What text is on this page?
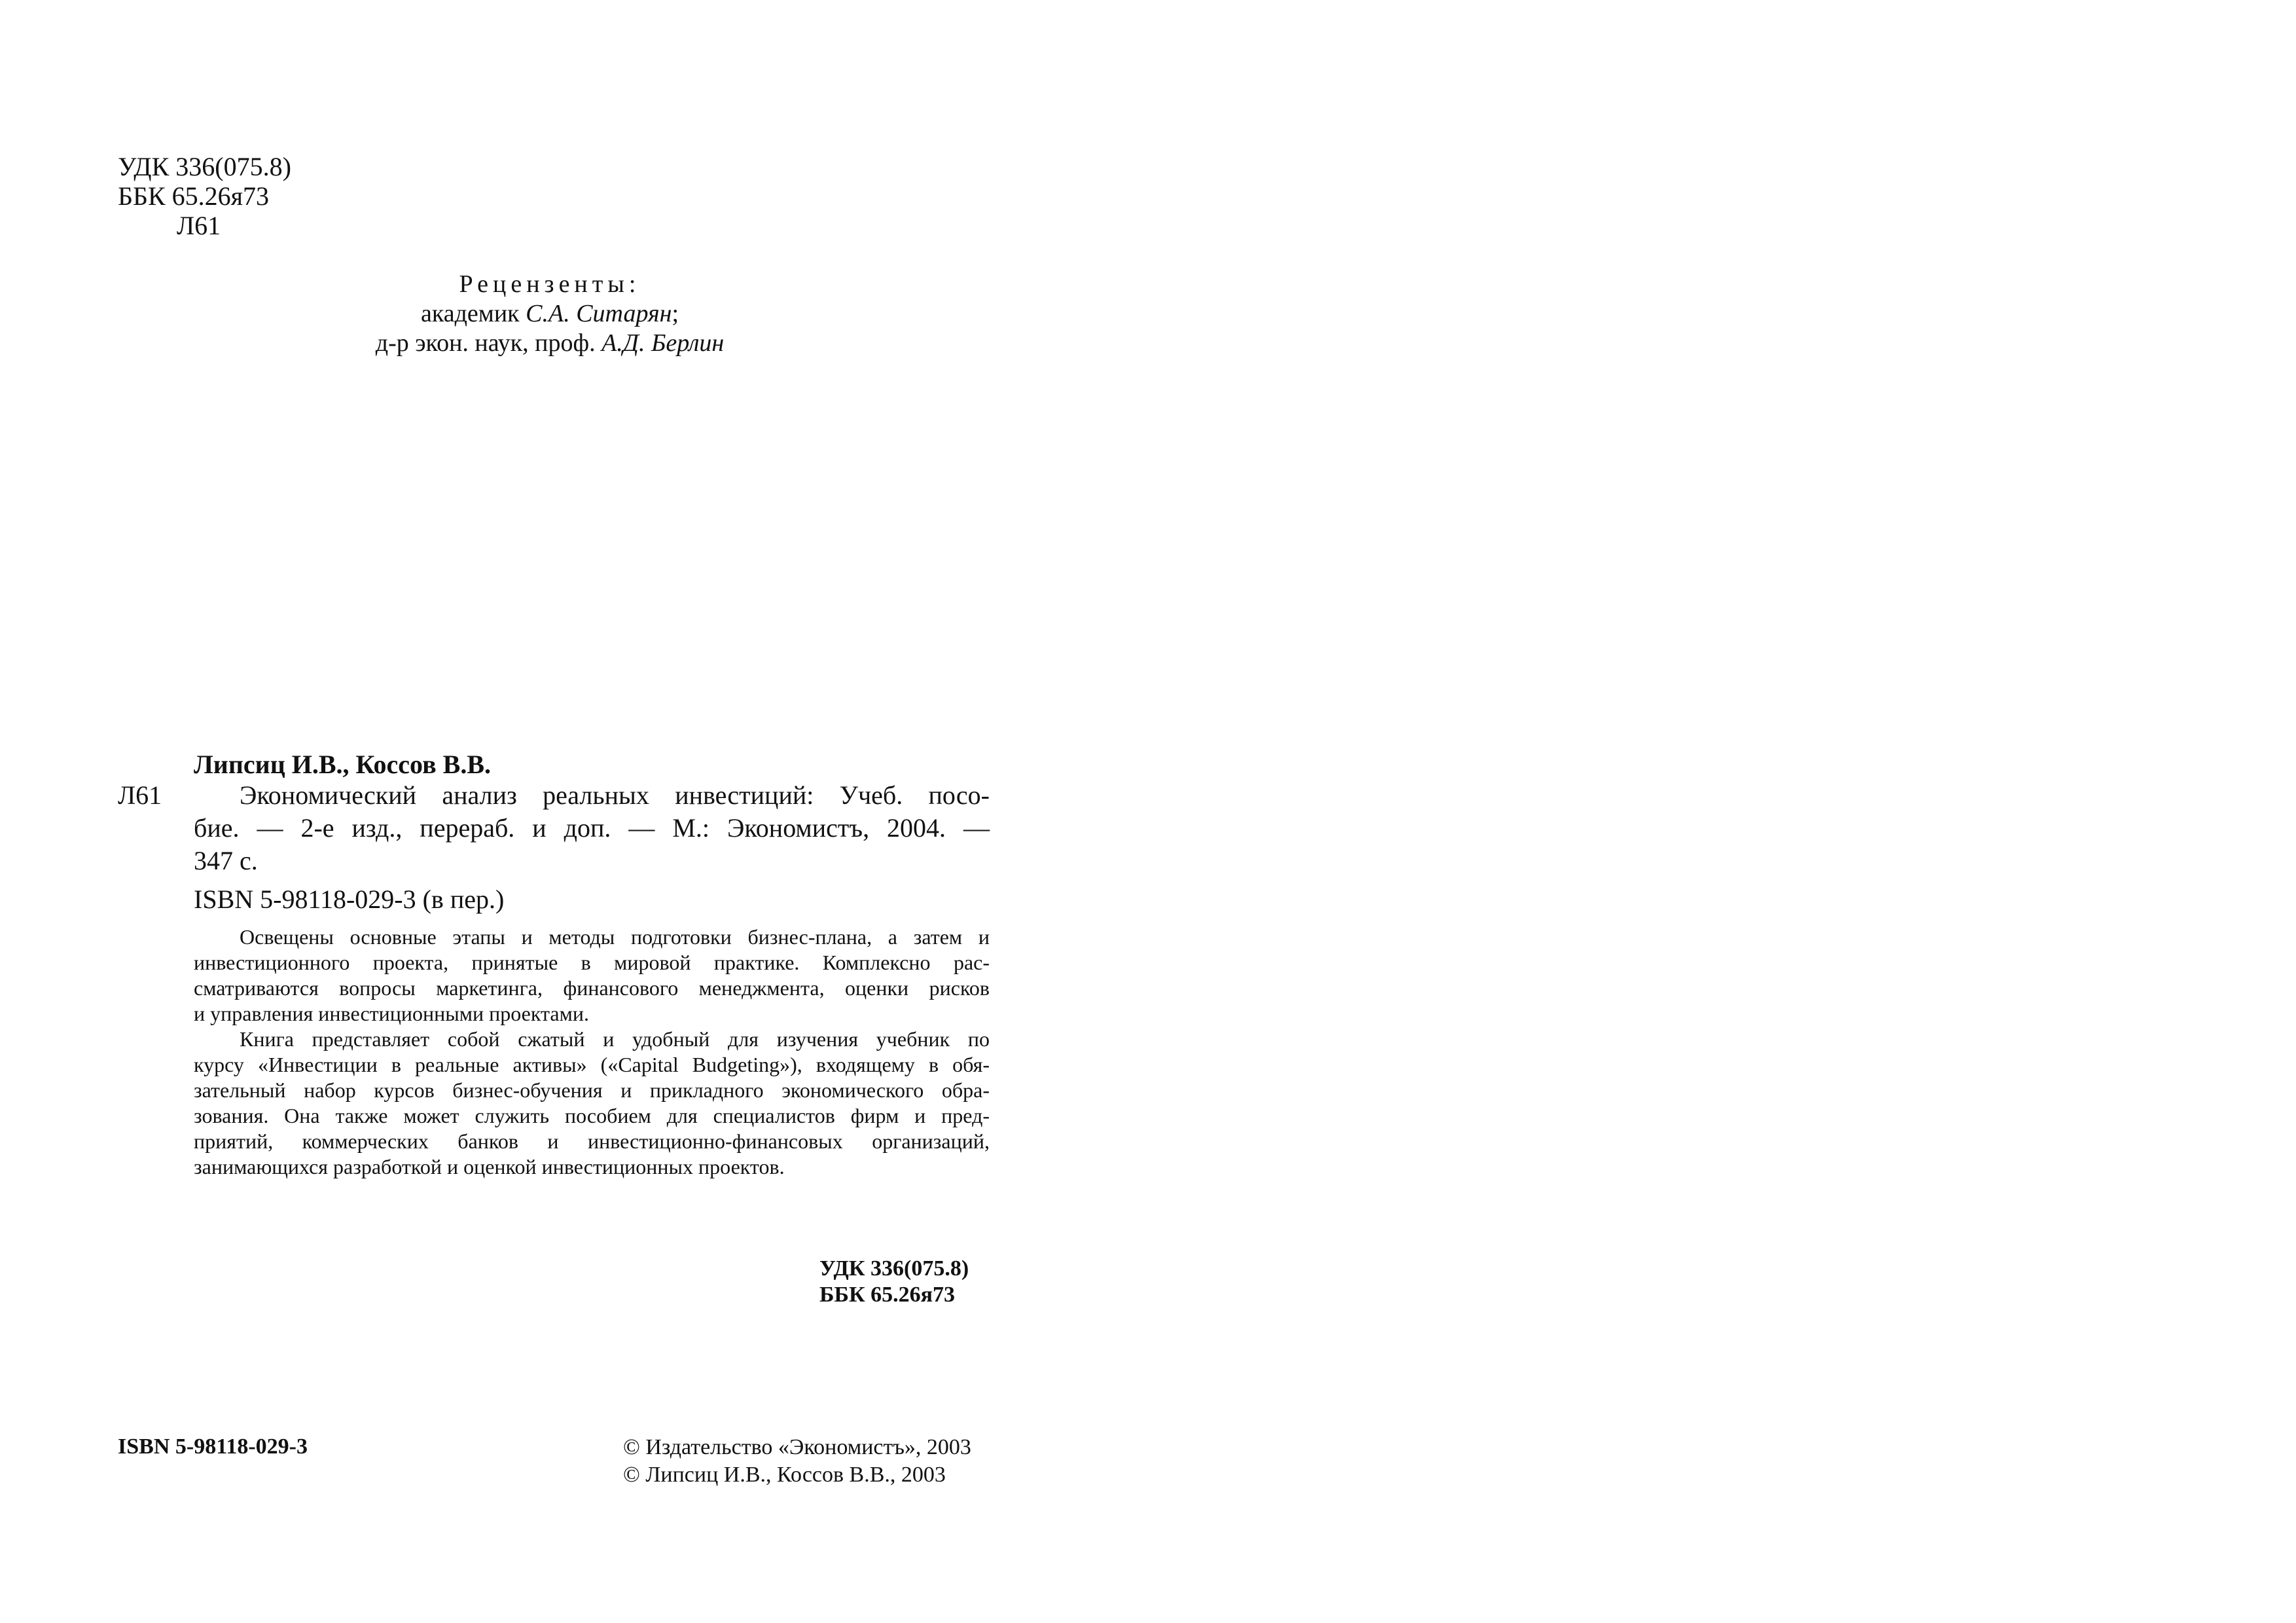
УДК 336(075.8)
ББК 65.26я73
Л61
Рецензенты:
академик С.А. Ситарян;
д-р экон. наук, проф. А.Д. Берлин
Липсиц И.В., Коссов В.В.
Л61	Экономический анализ реальных инвестиций: Учеб. посо-
бие. — 2-е изд., перераб. и доп. — М.: Экономистъ, 2004. —
347 с.

ISBN 5-98118-029-3 (в пер.)

Освещены основные этапы и методы подготовки бизнес-плана, а затем и
инвестиционного проекта, принятые в мировой практике. Комплексно рас-
сматриваются вопросы маркетинга, финансового менеджмента, оценки рисков
и управления инвестиционными проектами.

Книга представляет собой сжатый и удобный для изучения учебник по
курсу «Инвестиции в реальные активы» («Capital Budgeting»), входящему в обя-
зательный набор курсов бизнес-обучения и прикладного экономического обра-
зования. Она также может служить пособием для специалистов фирм и пред-
приятий, коммерческих банков и инвестиционно-финансовых организаций,
занимающихся разработкой и оценкой инвестиционных проектов.

УДК 336(075.8)
ББК 65.26я73
ISBN 5-98118-029-3	© Издательство «Экономистъ», 2003
© Липсиц И.В., Коссов В.В., 2003
